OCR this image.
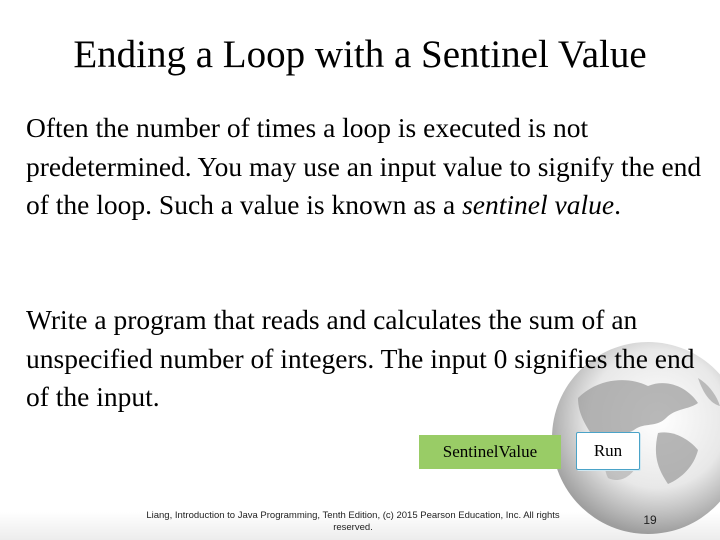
Ending a Loop with a Sentinel Value
Often the number of times a loop is executed is not predetermined. You may use an input value to signify the end of the loop. Such a value is known as a sentinel value.
Write a program that reads and calculates the sum of an unspecified number of integers. The input 0 signifies the end of the input.
SentinelValue	Run
Liang, Introduction to Java Programming, Tenth Edition, (c) 2015 Pearson Education, Inc. All rights reserved.
19
